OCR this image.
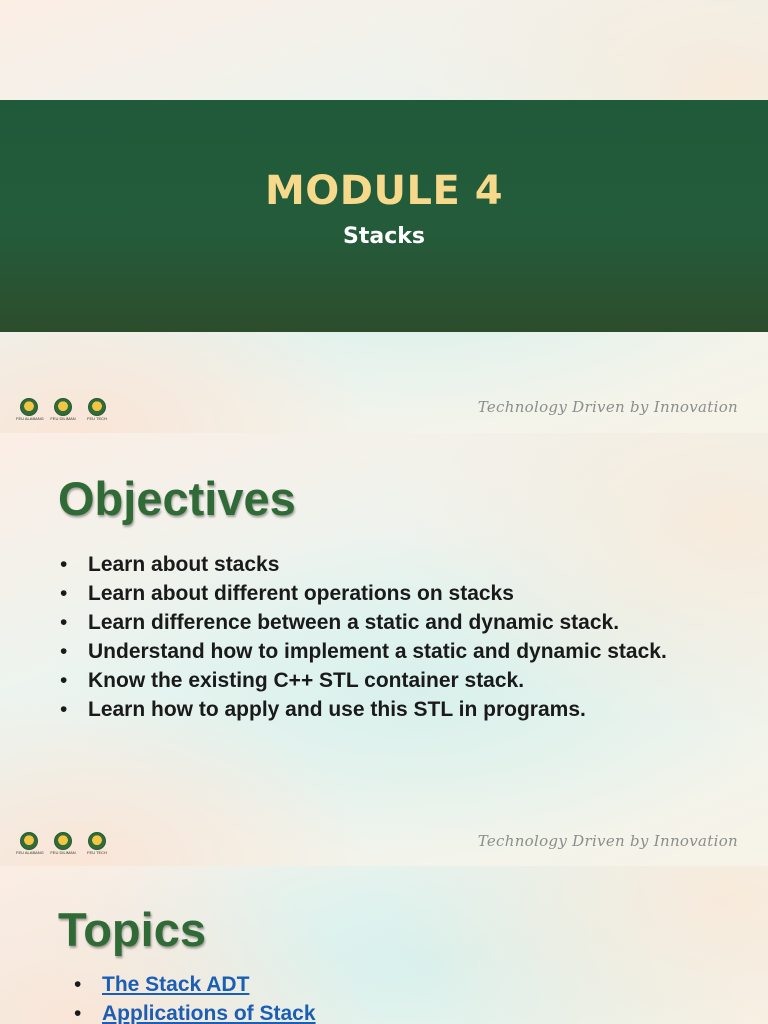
MODULE 4
Stacks
FEU ALABANG FEU DILIMAN	FEU TECH
Technology Driven by Innovation
Objectives
• Learn about stacks
• Learn about different operations on stacks
• Learn difference between a static and dynamic stack.
• Understand how to implement a static and dynamic stack.
• Know the existing C++ STL container stack.
• Learn how to apply and use this STL in programs.
FEU ALABANG FEU DILIMAN	FEU TECH
Technology Driven by Innovation
Topics
• The Stack ADT
• Applications of Stack
